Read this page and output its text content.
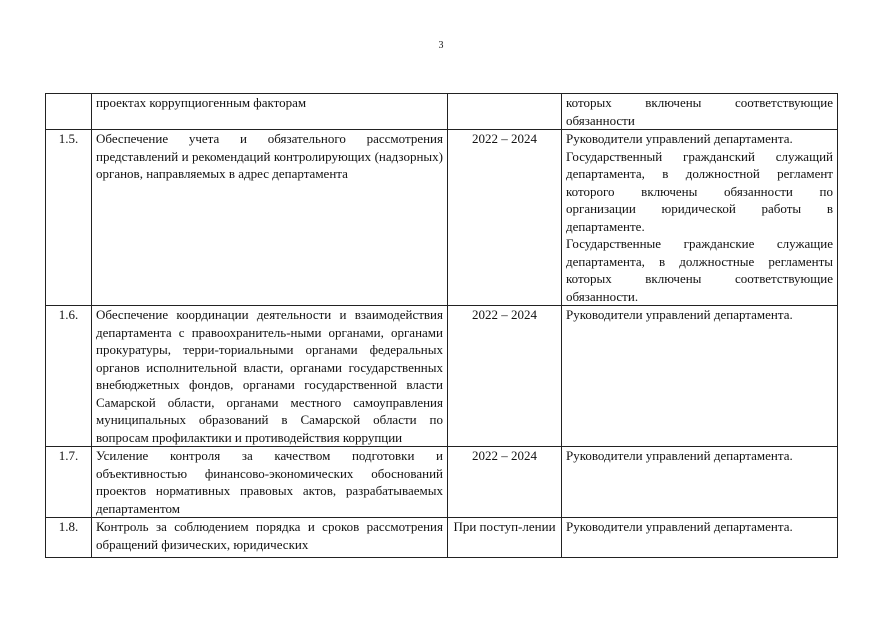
3
	проектах коррупциогенным факторам		которых включены соответствующие обязанности

1.5.	Обеспечение учета и обязательного рассмотрения представлений и рекомендаций контролирующих (надзорных) органов, направляемых в адрес департамента	2022 – 2024	Руководители управлений департамента.
Государственный гражданский служащий департамента, в должностной регламент которого включены обязанности по организации юридической работы в департаменте.
Государственные гражданские служащие департамента, в должностные регламенты которых включены соответствующие обязанности.

1.6.	Обеспечение координации деятельности и взаимодействия департамента с правоохранитель-ными органами, органами прокуратуры, терри-ториальными органами федеральных органов исполнительной власти, органами государственных внебюджетных фондов, органами государственной власти Самарской области, органами местного самоуправления муниципальных образований в Самарской области по вопросам профилактики и противодействия коррупции	2022 – 2024	Руководители управлений департамента.

1.7.	Усиление контроля за качеством подготовки и объективностью финансово-экономических обоснований проектов нормативных правовых актов, разрабатываемых департаментом	2022 – 2024	Руководители управлений департамента.

1.8.	Контроль за соблюдением порядка и сроков рассмотрения обращений физических, юридических	При поступ-лении	Руководители управлений департамента.
